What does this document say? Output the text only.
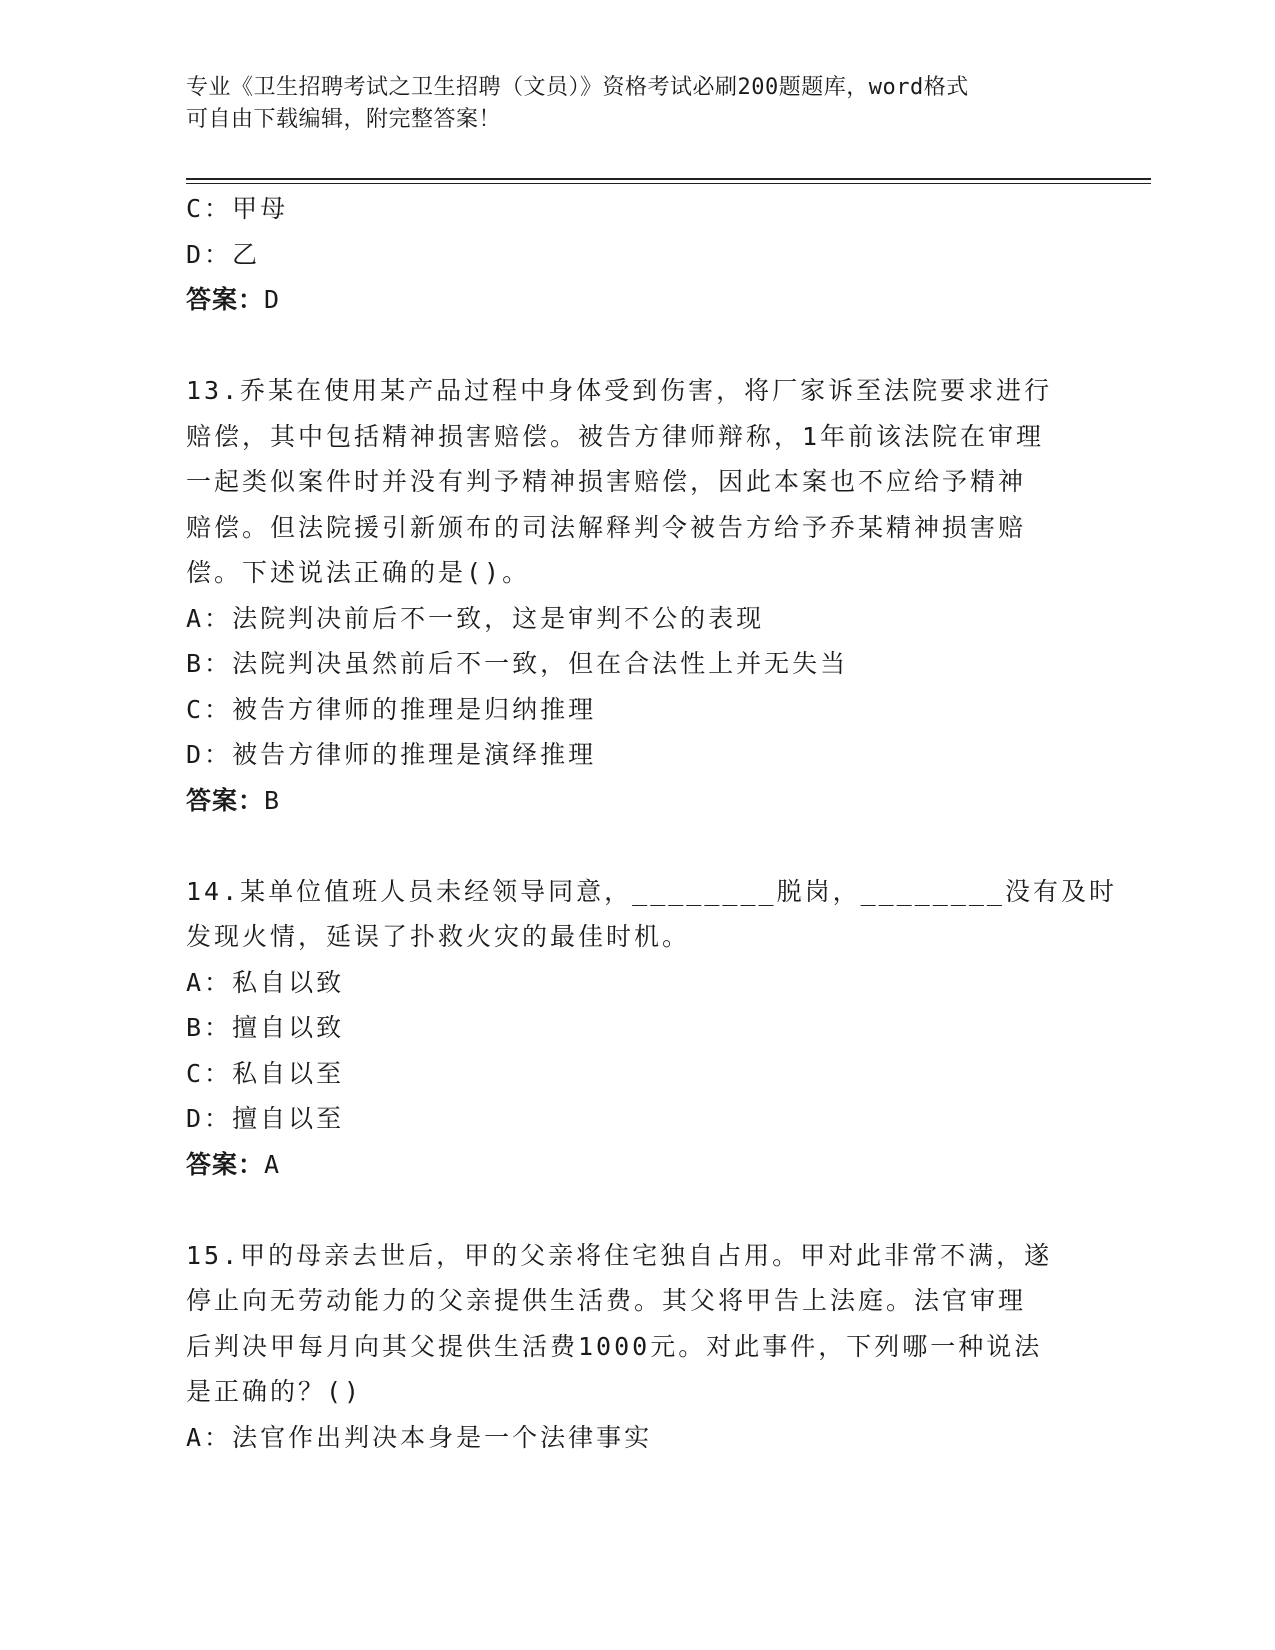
专业《卫生招聘考试之卫生招聘（文员）》资格考试必刷200题题库，word格式
可自由下载编辑，附完整答案！
C：甲母
D：乙
答案：D
13.乔某在使用某产品过程中身体受到伤害，将厂家诉至法院要求进行
赔偿，其中包括精神损害赔偿。被告方律师辩称，1年前该法院在审理
一起类似案件时并没有判予精神损害赔偿，因此本案也不应给予精神
赔偿。但法院援引新颁布的司法解释判令被告方给予乔某精神损害赔
偿。下述说法正确的是()。
A：法院判决前后不一致，这是审判不公的表现
B：法院判决虽然前后不一致，但在合法性上并无失当
C：被告方律师的推理是归纳推理
D：被告方律师的推理是演绎推理
答案：B
14.某单位值班人员未经领导同意，________脱岗，________没有及时
发现火情，延误了扑救火灾的最佳时机。
A：私自以致
B：擅自以致
C：私自以至
D：擅自以至
答案：A
15.甲的母亲去世后，甲的父亲将住宅独自占用。甲对此非常不满，遂
停止向无劳动能力的父亲提供生活费。其父将甲告上法庭。法官审理
后判决甲每月向其父提供生活费1000元。对此事件，下列哪一种说法
是正确的？()
A：法官作出判决本身是一个法律事实
